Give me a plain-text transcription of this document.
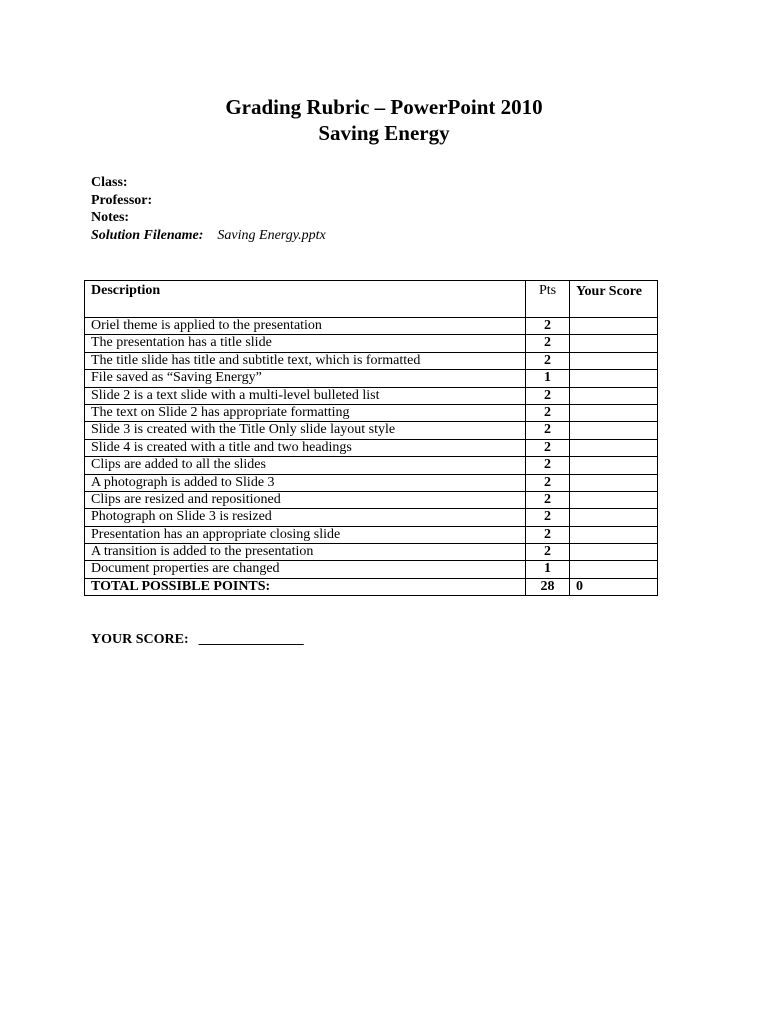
Grading Rubric – PowerPoint 2010
Saving Energy
Class:
Professor:
Notes:
Solution Filename: Saving Energy.pptx
Description	Pts	Your Score
Oriel theme is applied to the presentation	2	
The presentation has a title slide	2	
The title slide has title and subtitle text, which is formatted	2	
File saved as “Saving Energy”	1	
Slide 2 is a text slide with a multi-level bulleted list	2	
The text on Slide 2 has appropriate formatting	2	
Slide 3 is created with the Title Only slide layout style	2	
Slide 4 is created with a title and two headings	2	
Clips are added to all the slides	2	
A photograph is added to Slide 3	2	
Clips are resized and repositioned	2	
Photograph on Slide 3 is resized	2	
Presentation has an appropriate closing slide	2	
A transition is added to the presentation	2	
Document properties are changed	1	
TOTAL POSSIBLE POINTS:	28	0
YOUR SCORE: _______________
